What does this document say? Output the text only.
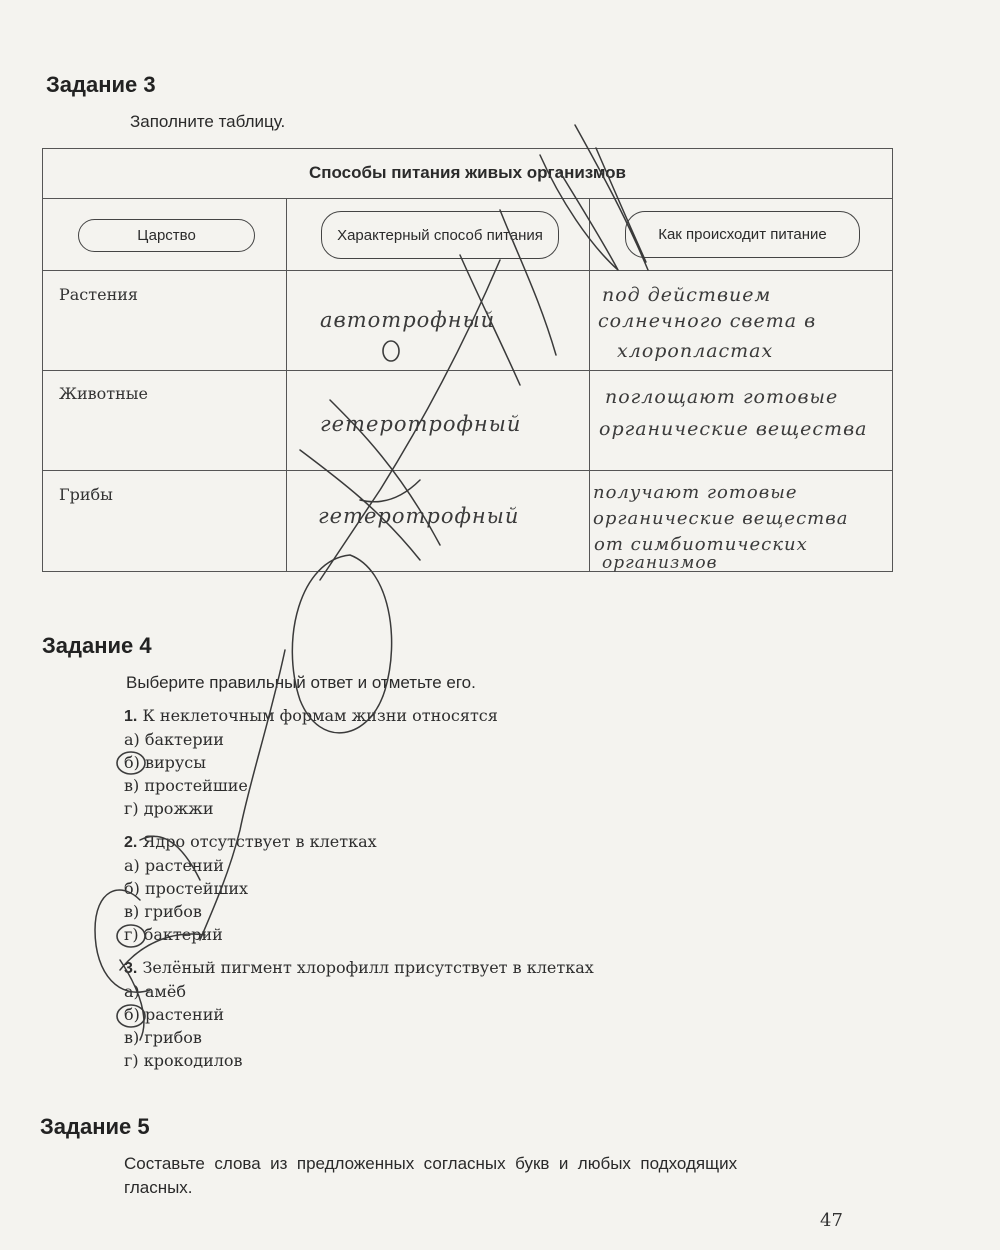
Задание 3
Заполните таблицу.
Способы питания живых организмов
Царство	Характерный способ питания	Как происходит питание
Растения
автотрофный
под действием
солнечного света в
хлоропластах
Животные
гетеротрофный
поглощают готовые
органические вещества
Грибы
гетеротрофный
получают готовые
органические вещества
от симбиотических
организмов
Задание 4
Выберите правильный ответ и отметьте его.
1. К неклеточным формам жизни относятся
а) бактерии
б) вирусы
в) простейшие
г) дрожжи
2. Ядро отсутствует в клетках
а) растений
б) простейших
в) грибов
г) бактерий
3. Зелёный пигмент хлорофилл присутствует в клетках
а) амёб
б) растений
в) грибов
г) крокодилов
Задание 5
Составьте  слова  из  предложенных  согласных  букв  и  любых  подходящих
гласных.
47
